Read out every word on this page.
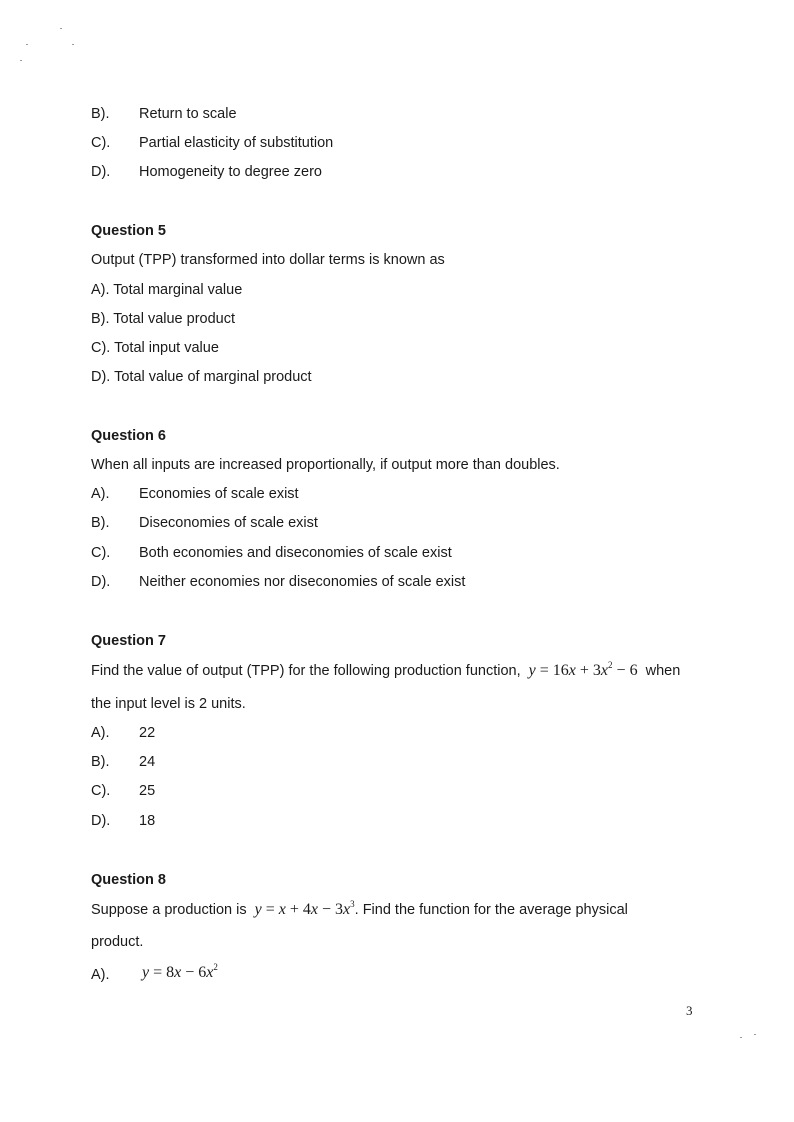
B). Return to scale
C). Partial elasticity of substitution
D). Homogeneity to degree zero
Question 5
Output (TPP) transformed into dollar terms is known as
A). Total marginal value
B). Total value product
C). Total input value
D). Total value of marginal product
Question 6
When all inputs are increased proportionally, if output more than doubles.
A). Economies of scale exist
B). Diseconomies of scale exist
C). Both economies and diseconomies of scale exist
D). Neither economies nor diseconomies of scale exist
Question 7
Find the value of output (TPP) for the following production function,  $y = 16x + 3x^2 - 6$ when
the input level is 2 units.
A). 22
B). 24
C). 25
D). 18
Question 8
Suppose a production is  $y = x + 4x - 3x^3$. Find the function for the average physical
product.
A). $y = 8x - 6x^2$
3
